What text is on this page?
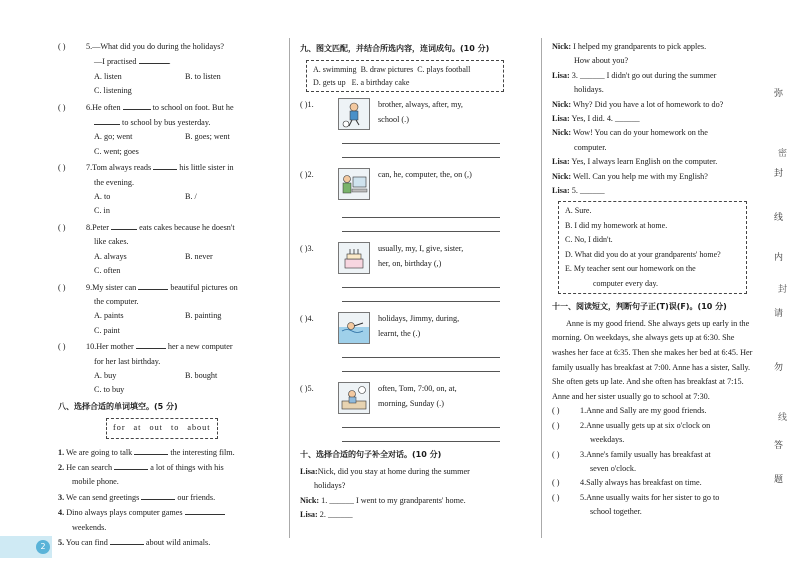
( )	5.—What did you do during the holidays?
—I practised	.
A. listen	B. to listen
C. listening
( )	6.He often	to school on foot. But he
to school by bus yesterday.
A. go; went	B. goes; went
C. went; goes
( )	7.Tom always reads	his little sister in
the evening.
A. to	B. /
C. in
( )	8.Peter	eats cakes because he doesn't
like cakes.
A. always	B. never
C. often
( )	9.My sister can	beautiful pictures on
the computer.
A. paints	B. painting
C. paint
( )	10.Her mother	her a new computer
for her last birthday.
A. buy	B. bought
C. to buy
八、选择合适的单词填空。(5 分)
for at out to about
1. We are going to talk	the interesting film.
2. He can search	a lot of things with his
mobile phone.
3. We can send greetings	our friends.
4. Dino always plays computer games
weekends.
5. You can find	about wild animals.
九、图文匹配，并结合所选内容，连词成句。(10 分)
A. swimming B. draw pictures C. plays football
D. gets up E. a birthday cake
( )1.	brother, always, after, my,
school (.)
( )2.	can, he, computer, the, on (,)
( )3.	usually, my, I, give, sister,
her, on, birthday (,)
( )4.	holidays, Jimmy, during,
learnt, the (.)
( )5.	often, Tom, 7:00, on, at,
morning, Sunday (.)
十、选择合适的句子补全对话。(10 分)
Lisa:Nick, did you stay at home during the summer
holidays?
Nick: 1. ______ I went to my grandparents' home.
Lisa: 2. ______
Nick: I helped my grandparents to pick apples.
How about you?
Lisa: 3. ______ I didn't go out during the summer
holidays.
Nick: Why? Did you have a lot of homework to do?
Lisa: Yes, I did. 4. ______
Nick: Wow! You can do your homework on the
computer.
Lisa: Yes, I always learn English on the computer.
Nick: Well. Can you help me with my English?
Lisa: 5. ______
A. Sure.
B. I did my homework at home.
C. No, I didn't.
D. What did you do at your grandparents' home?
E. My teacher sent our homework on the
computer every day.
十一、阅读短文，判断句子正(T)误(F)。(10 分)
Anne is my good friend. She always gets up early in the morning. On weekdays, she always gets up at 6:30. She washes her face at 6:35. Then she makes her bed at 6:45. Her family usually has breakfast at 7:00. Anne has a sister, Sally. She often gets up late. And she often has breakfast at 7:15. Anne and her sister usually go to school at 7:30.
( )	1.Anne and Sally are my good friends.
( )	2.Anne usually gets up at six o'clock on
weekdays.
( )	3.Anne's family usually has breakfast at
seven o'clock.
( )	4.Sally always has breakfast on time.
( )	5.Anne usually waits for her sister to go to
school together.
弥
密
封
线
内
封
请
勿
线
答
题
2
